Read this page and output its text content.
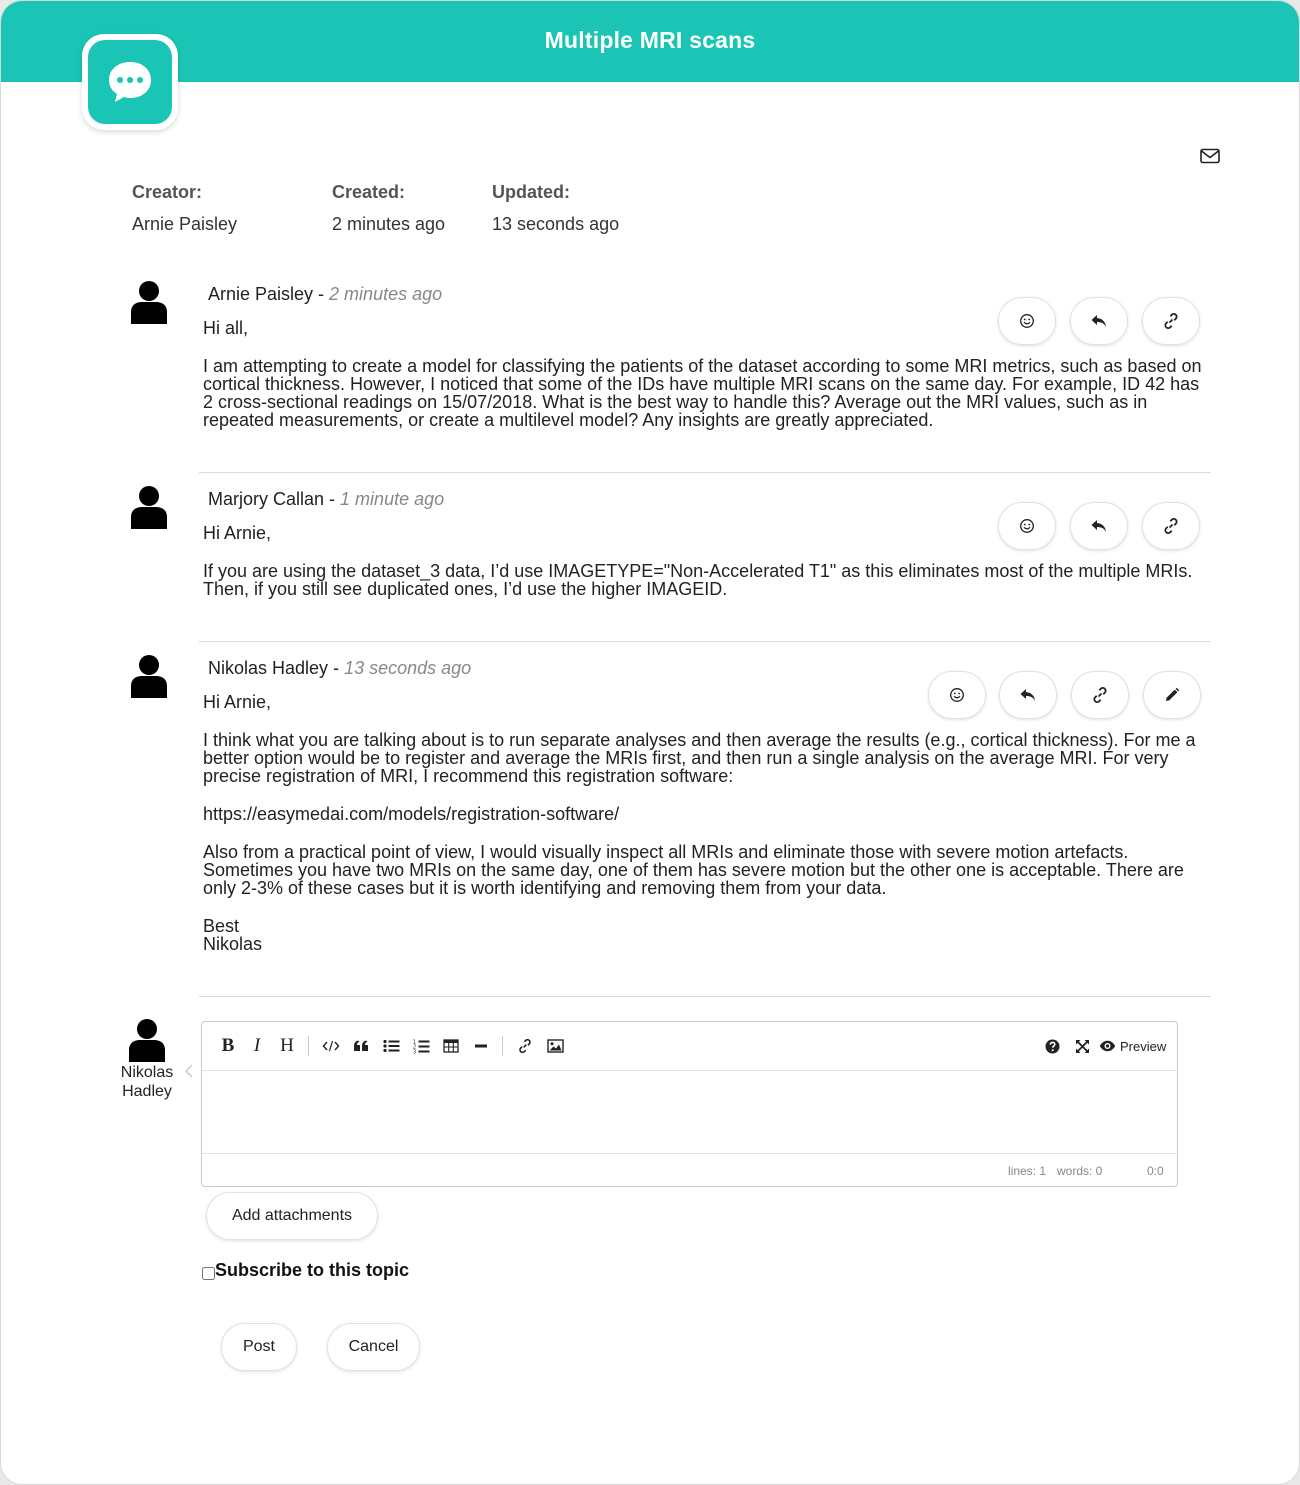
Multiple MRI scans
Creator:
Arnie Paisley
Created:
2 minutes ago
Updated:
13 seconds ago
Arnie Paisley - 2 minutes ago

Hi all,

I am attempting to create a model for classifying the patients of the dataset according to some MRI metrics, such as based on cortical thickness. However, I noticed that some of the IDs have multiple MRI scans on the same day. For example, ID 42 has 2 cross-sectional readings on 15/07/2018. What is the best way to handle this? Average out the MRI values, such as in repeated measurements, or create a multilevel model? Any insights are greatly appreciated.

Marjory Callan - 1 minute ago

Hi Arnie,

If you are using the dataset_3 data, I’d use IMAGETYPE="Non-Accelerated T1" as this eliminates most of the multiple MRIs. Then, if you still see duplicated ones, I’d use the higher IMAGEID.

Nikolas Hadley - 13 seconds ago

Hi Arnie,

I think what you are talking about is to run separate analyses and then average the results (e.g., cortical thickness). For me a better option would be to register and average the MRIs first, and then run a single analysis on the average MRI. For very precise registration of MRI, I recommend this registration software:

https://easymedai.com/models/registration-software/

Also from a practical point of view, I would visually inspect all MRIs and eliminate those with severe motion artefacts. Sometimes you have two MRIs on the same day, one of them has severe motion but the other one is acceptable. There are only 2-3% of these cases but it is worth identifying and removing them from your data.

Best

Nikolas

Nikolas
Hadley
B	I	H	1
2
3	Preview
lines: 1 words: 0	0:0
Add attachments
Subscribe to this topic
Post	Cancel
